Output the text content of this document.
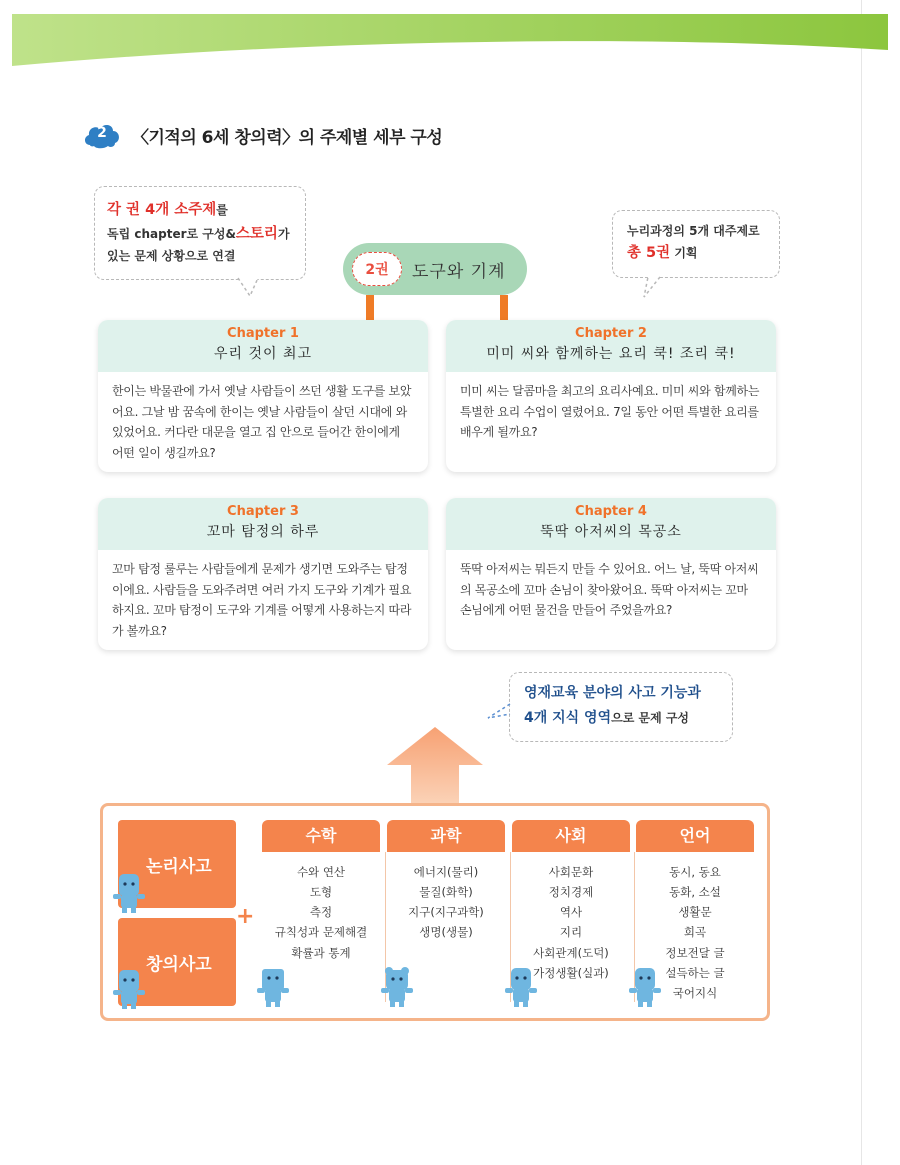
2	〈기적의 6세 창의력〉의 주제별 세부 구성
각 권 4개 소주제를
독립 chapter로 구성&스토리가
있는 문제 상황으로 연결
누리과정의 5개 대주제로
총 5권 기획
2권	도구와 기계
Chapter 1
우리 것이 최고
한이는 박물관에 가서 옛날 사람들이 쓰던 생활 도구를 보았어요. 그날 밤 꿈속에 한이는 옛날 사람들이 살던 시대에 와 있었어요. 커다란 대문을 열고 집 안으로 들어간 한이에게 어떤 일이 생길까요?
Chapter 2
미미 씨와 함께하는 요리 쿡! 조리 쿡!
미미 씨는 달콤마을 최고의 요리사예요. 미미 씨와 함께하는 특별한 요리 수업이 열렸어요. 7일 동안 어떤 특별한 요리를 배우게 될까요?
Chapter 3
꼬마 탐정의 하루
꼬마 탐정 룰루는 사람들에게 문제가 생기면 도와주는 탐정이에요. 사람들을 도와주려면 여러 가지 도구와 기계가 필요하지요. 꼬마 탐정이 도구와 기계를 어떻게 사용하는지 따라가 볼까요?
Chapter 4
뚝딱 아저씨의 목공소
뚝딱 아저씨는 뭐든지 만들 수 있어요. 어느 날, 뚝딱 아저씨의 목공소에 꼬마 손님이 찾아왔어요. 뚝딱 아저씨는 꼬마 손님에게 어떤 물건을 만들어 주었을까요?
영재교육 분야의 사고 기능과
4개 지식 영역으로 문제 구성
논리사고
창의사고
+
수학
수와 연산
도형
측정
규칙성과 문제해결
확률과 통계
과학
에너지(물리)
물질(화학)
지구(지구과학)
생명(생물)
사회
사회문화
정치경제
역사
지리
사회관계(도덕)
가정생활(실과)
언어
동시, 동요
동화, 소설
생활문
희곡
정보전달 글
설득하는 글
국어지식
